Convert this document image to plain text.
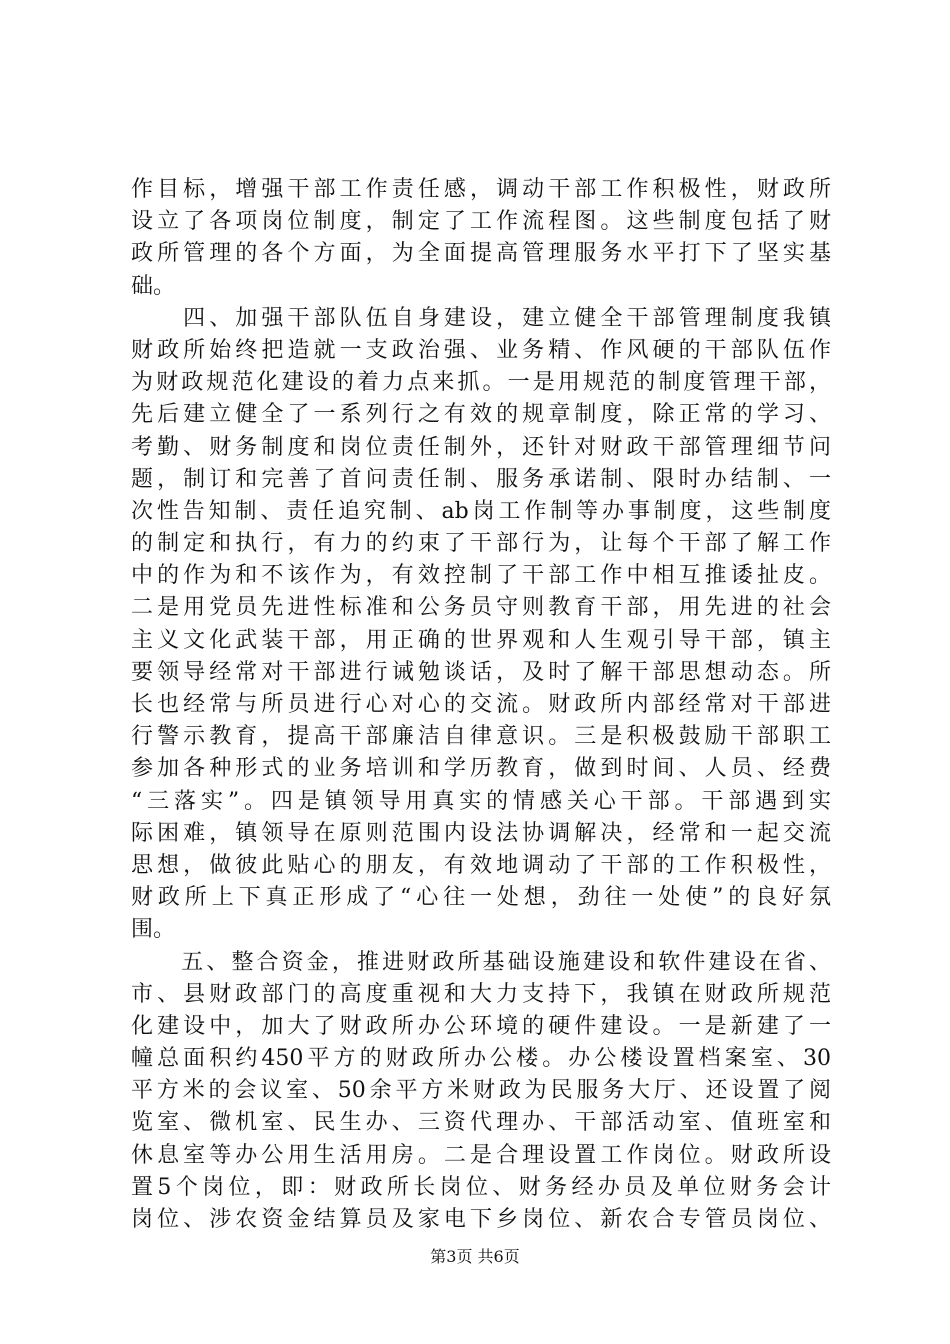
作目标，增强干部工作责任感，调动干部工作积极性，财政所
设立了各项岗位制度，制定了工作流程图。这些制度包括了财
政所管理的各个方面，为全面提高管理服务水平打下了坚实基
础。
　　四、加强干部队伍自身建设，建立健全干部管理制度我镇
财政所始终把造就一支政治强、业务精、作风硬的干部队伍作
为财政规范化建设的着力点来抓。一是用规范的制度管理干部，
先后建立健全了一系列行之有效的规章制度，除正常的学习、
考勤、财务制度和岗位责任制外，还针对财政干部管理细节问
题，制订和完善了首问责任制、服务承诺制、限时办结制、一
次性告知制、责任追究制、ab岗工作制等办事制度，这些制度
的制定和执行，有力的约束了干部行为，让每个干部了解工作
中的作为和不该作为，有效控制了干部工作中相互推诿扯皮。
二是用党员先进性标准和公务员守则教育干部，用先进的社会
主义文化武装干部，用正确的世界观和人生观引导干部，镇主
要领导经常对干部进行诫勉谈话，及时了解干部思想动态。所
长也经常与所员进行心对心的交流。财政所内部经常对干部进
行警示教育，提高干部廉洁自律意识。三是积极鼓励干部职工
参加各种形式的业务培训和学历教育，做到时间、人员、经费
“三落实”。四是镇领导用真实的情感关心干部。干部遇到实
际困难，镇领导在原则范围内设法协调解决，经常和一起交流
思想，做彼此贴心的朋友，有效地调动了干部的工作积极性，
财政所上下真正形成了“心往一处想，劲往一处使”的良好氛
围。
　　五、整合资金，推进财政所基础设施建设和软件建设在省、
市、县财政部门的高度重视和大力支持下，我镇在财政所规范
化建设中，加大了财政所办公环境的硬件建设。一是新建了一
幢总面积约450平方的财政所办公楼。办公楼设置档案室、30
平方米的会议室、50余平方米财政为民服务大厅、还设置了阅
览室、微机室、民生办、三资代理办、干部活动室、值班室和
休息室等办公用生活用房。二是合理设置工作岗位。财政所设
置5个岗位，即：财政所长岗位、财务经办员及单位财务会计
岗位、涉农资金结算员及家电下乡岗位、新农合专管员岗位、
第3页 共6页
